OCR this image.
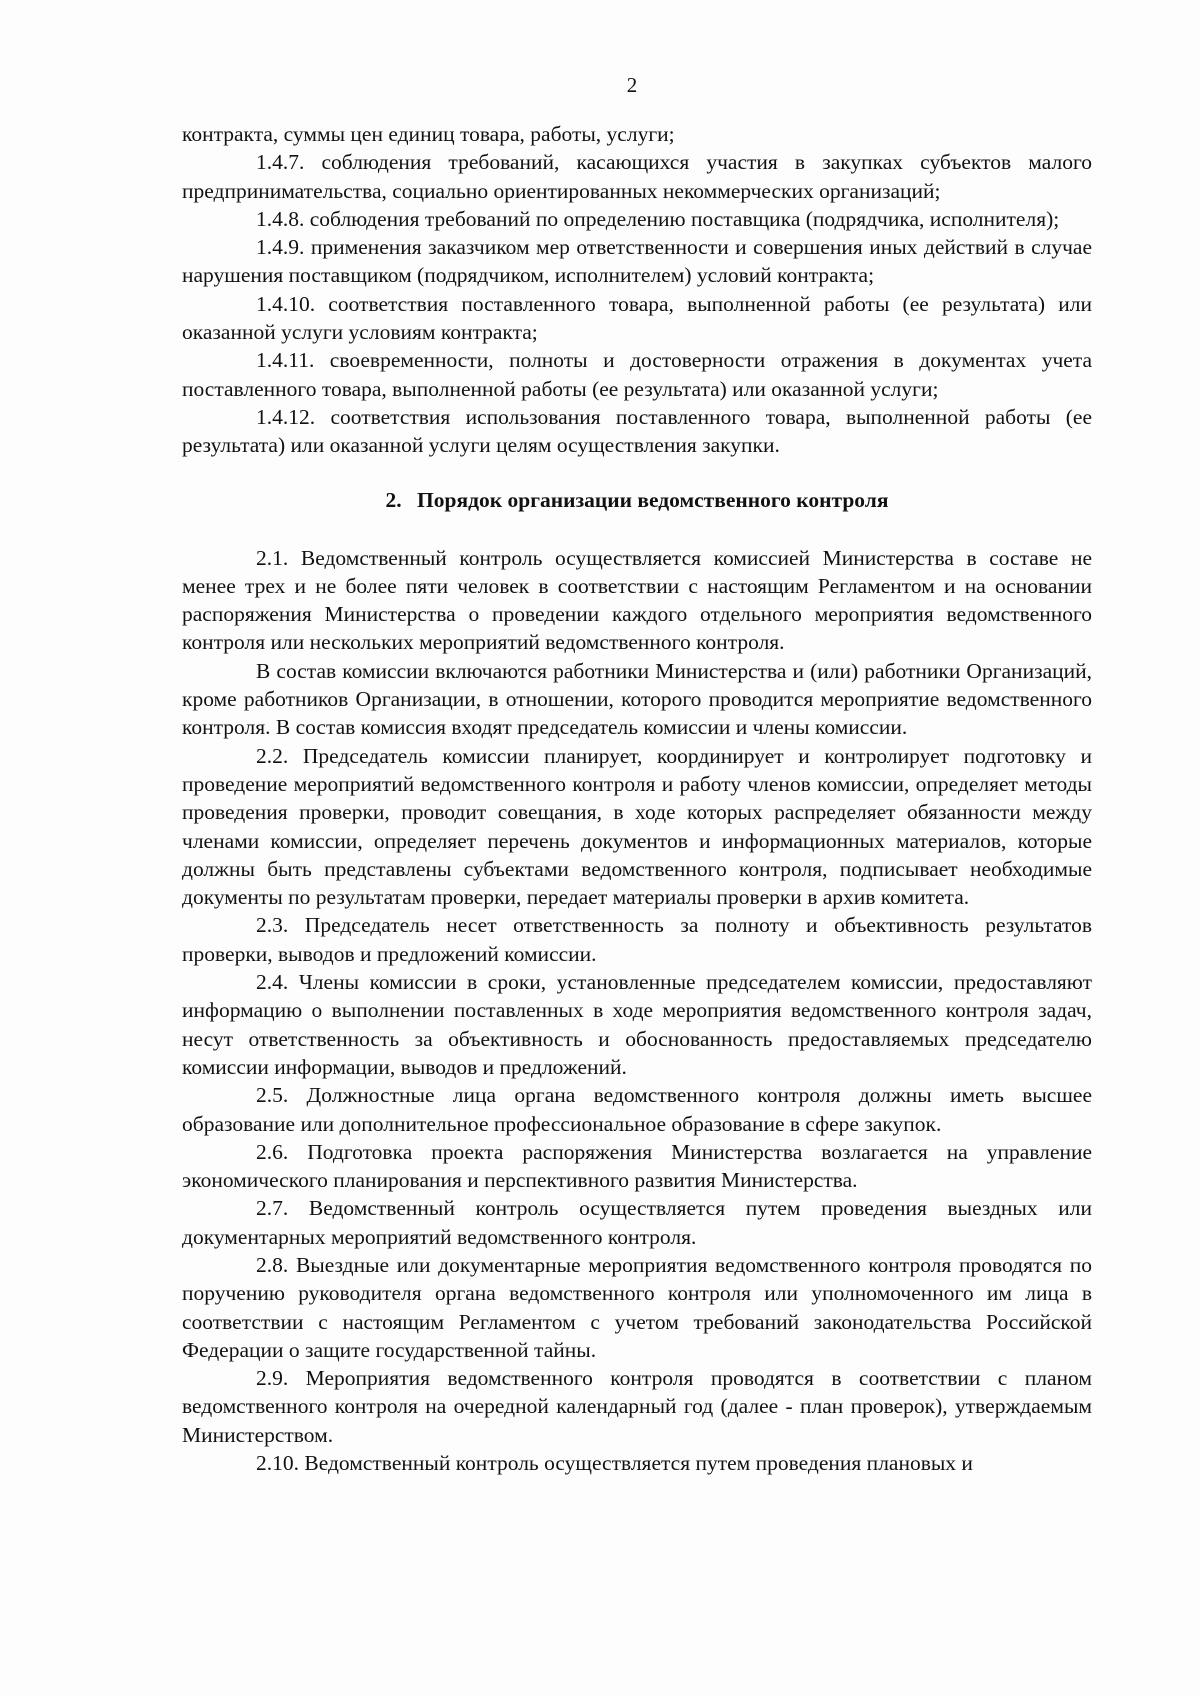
2

контракта, суммы цен единиц товара, работы, услуги;

1.4.7. соблюдения требований, касающихся участия в закупках субъектов малого предпринимательства, социально ориентированных некоммерческих организаций;

1.4.8. соблюдения требований по определению поставщика (подрядчика, исполнителя);

1.4.9. применения заказчиком мер ответственности и совершения иных действий в случае нарушения поставщиком (подрядчиком, исполнителем) условий контракта;

1.4.10. соответствия поставленного товара, выполненной работы (ее результата) или оказанной услуги условиям контракта;

1.4.11. своевременности, полноты и достоверности отражения в документах учета поставленного товара, выполненной работы (ее результата) или оказанной услуги;

1.4.12. соответствия использования поставленного товара, выполненной работы (ее результата) или оказанной услуги целям осуществления закупки.

2. Порядок организации ведомственного контроля

2.1. Ведомственный контроль осуществляется комиссией Министерства в составе не менее трех и не более пяти человек в соответствии с настоящим Регламентом и на основании распоряжения Министерства о проведении каждого отдельного мероприятия ведомственного контроля или нескольких мероприятий ведомственного контроля.

В состав комиссии включаются работники Министерства и (или) работники Организаций, кроме работников Организации, в отношении, которого проводится мероприятие ведомственного контроля. В состав комиссия входят председатель комиссии и члены комиссии.

2.2. Председатель комиссии планирует, координирует и контролирует подготовку и проведение мероприятий ведомственного контроля и работу членов комиссии, определяет методы проведения проверки, проводит совещания, в ходе которых распределяет обязанности между членами комиссии, определяет перечень документов и информационных материалов, которые должны быть представлены субъектами ведомственного контроля, подписывает необходимые документы по результатам проверки, передает материалы проверки в архив комитета.

2.3. Председатель несет ответственность за полноту и объективность результатов проверки, выводов и предложений комиссии.

2.4. Члены комиссии в сроки, установленные председателем комиссии, предоставляют информацию о выполнении поставленных в ходе мероприятия ведомственного контроля задач, несут ответственность за объективность и обоснованность предоставляемых председателю комиссии информации, выводов и предложений.

2.5. Должностные лица органа ведомственного контроля должны иметь высшее образование или дополнительное профессиональное образование в сфере закупок.

2.6. Подготовка проекта распоряжения Министерства возлагается на управление экономического планирования и перспективного развития Министерства.

2.7. Ведомственный контроль осуществляется путем проведения выездных или документарных мероприятий ведомственного контроля.

2.8. Выездные или документарные мероприятия ведомственного контроля проводятся по поручению руководителя органа ведомственного контроля или уполномоченного им лица в соответствии с настоящим Регламентом с учетом требований законодательства Российской Федерации о защите государственной тайны.

2.9. Мероприятия ведомственного контроля проводятся в соответствии с планом ведомственного контроля на очередной календарный год (далее - план проверок), утверждаемым Министерством.

2.10. Ведомственный контроль осуществляется путем проведения плановых и
